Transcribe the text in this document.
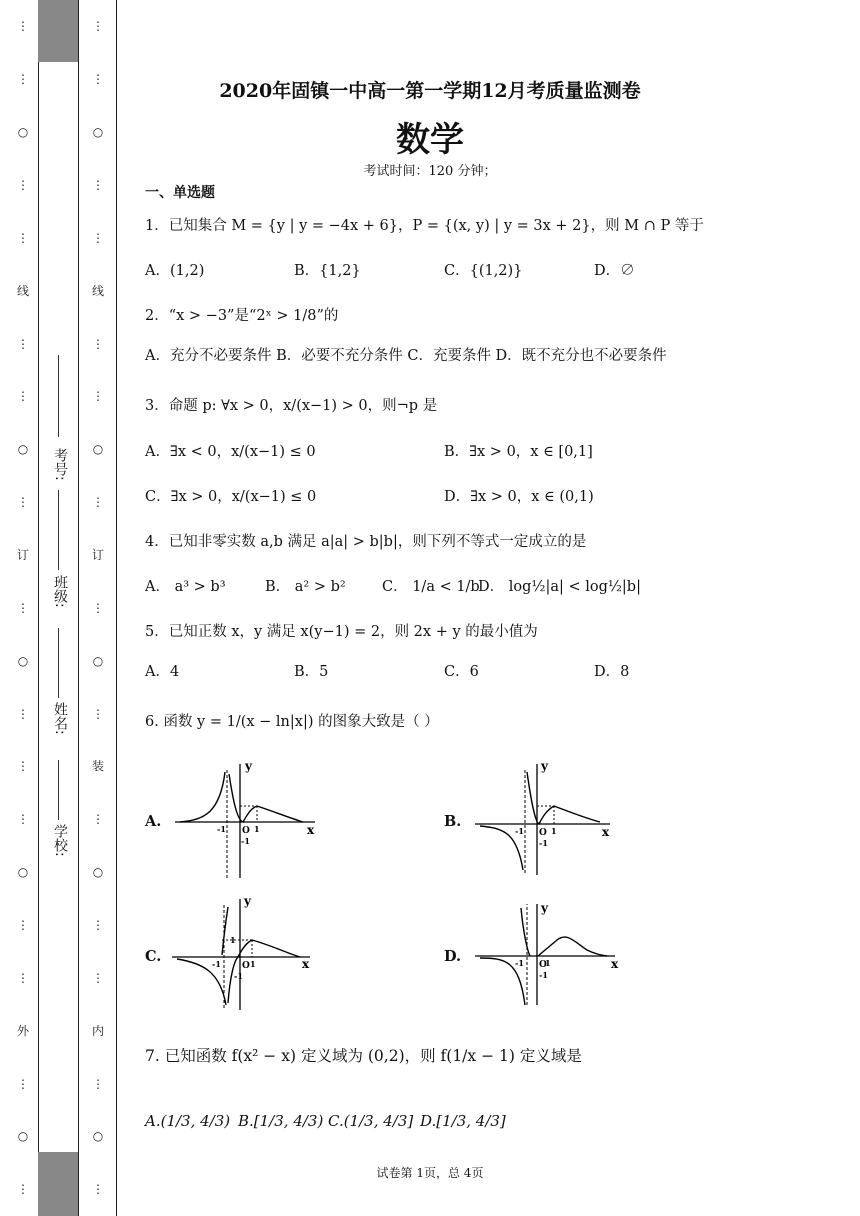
⋮
⋮
○
⋮
⋮
线
⋮
⋮
○
⋮
订
⋮
○
⋮
⋮
⋮
○
⋮
⋮
外
⋮
○
⋮
考号:
班级:
姓名:
学校:
⋮
⋮
○
⋮
⋮
线
⋮
⋮
○
⋮
订
⋮
○
⋮
装
⋮
○
⋮
⋮
内
⋮
○
⋮
2020年固镇一中高一第一学期12月考质量监测卷
数学
考试时间：120 分钟；
一、单选题
1．已知集合 M = {y | y = −4x + 6}，P = {(x, y) | y = 3x + 2}，则 M ∩ P 等于
A．(1,2)	B．{1,2}	C．{(1,2)}	D．∅
2．“x > −3”是“2ˣ > 1/8”的
A．充分不必要条件 B．必要不充分条件 C．充要条件 D．既不充分也不必要条件
3．命题 p: ∀x > 0，x/(x−1) > 0，则¬p 是
A．∃x < 0，x/(x−1) ≤ 0	B．∃x > 0，x ∈ [0,1]
C．∃x > 0，x/(x−1) ≤ 0	D．∃x > 0，x ∈ (0,1)
4．已知非零实数 a,b 满足 a|a| > b|b|，则下列不等式一定成立的是
A． a³ > b³	B． a² > b²	C． 1/a < 1/b
D． log½|a| < log½|b|
5．已知正数 x，y 满足 x(y−1) = 2，则 2x + y 的最小值为
A．4	B．5	C．6	D．8
6. 函数 y = 1/(x − ln|x|) 的图象大致是（ ）
A.	B.
C.	D.
y
x
O 1
-1
-1
y
x
O 1
-1
-1
y
x
O 1
1
-1
-1
y
x
O
1
-1
-1
7. 已知函数 f(x² − x) 定义域为 (0,2)，则 f(1/x − 1) 定义域是
A.(1/3, 4/3) B.[1/3, 4/3) C.(1/3, 4/3] D.[1/3, 4/3]
试卷第 1页，总 4页
